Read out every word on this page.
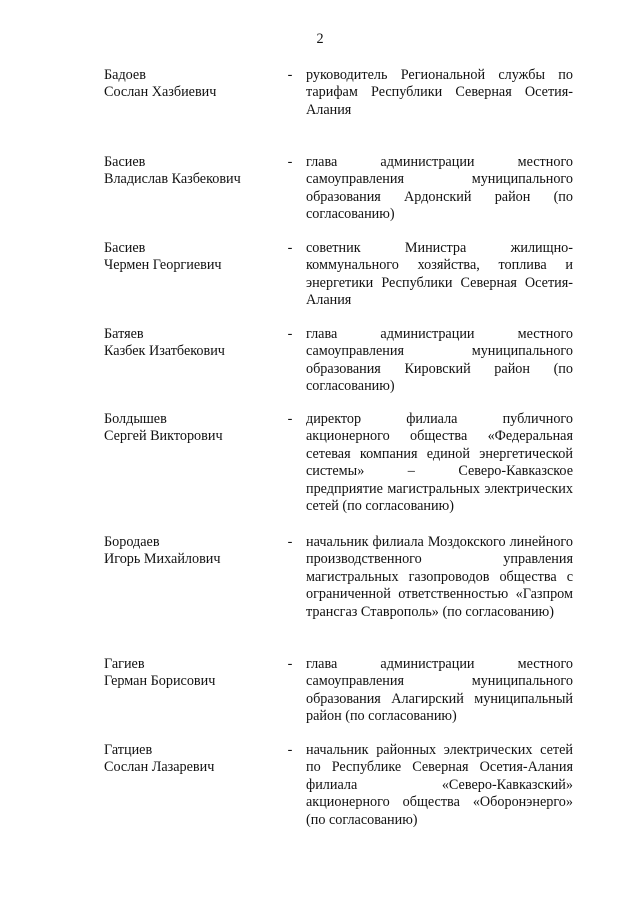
2
Бадоев
Сослан Хазбиевич
- руководитель Региональной службы по тарифам Республики Северная Осетия-Алания
Басиев
Владислав Казбекович
- глава администрации местного самоуправления муниципального образования Ардонский район (по согласованию)
Басиев
Чермен Георгиевич
- советник Министра жилищно-коммунального хозяйства, топлива и энергетики Республики Северная Осетия-Алания
Батяев
Казбек Изатбекович
- глава администрации местного самоуправления муниципального образования Кировский район (по согласованию)
Болдышев
Сергей Викторович
- директор филиала публичного акционерного общества «Федеральная сетевая компания единой энергетической системы» – Северо-Кавказское предприятие магистральных электрических сетей (по согласованию)
Бородаев
Игорь Михайлович
- начальник филиала Моздокского линейного производственного управления магистральных газопроводов общества с ограниченной ответственностью «Газпром трансгаз Ставрополь» (по согласованию)
Гагиев
Герман Борисович
- глава администрации местного самоуправления муниципального образования Алагирский муниципальный район (по согласованию)
Гатциев
Сослан Лазаревич
- начальник районных электрических сетей по Республике Северная Осетия-Алания филиала «Северо-Кавказский» акционерного общества «Оборонэнерго» (по согласованию)
